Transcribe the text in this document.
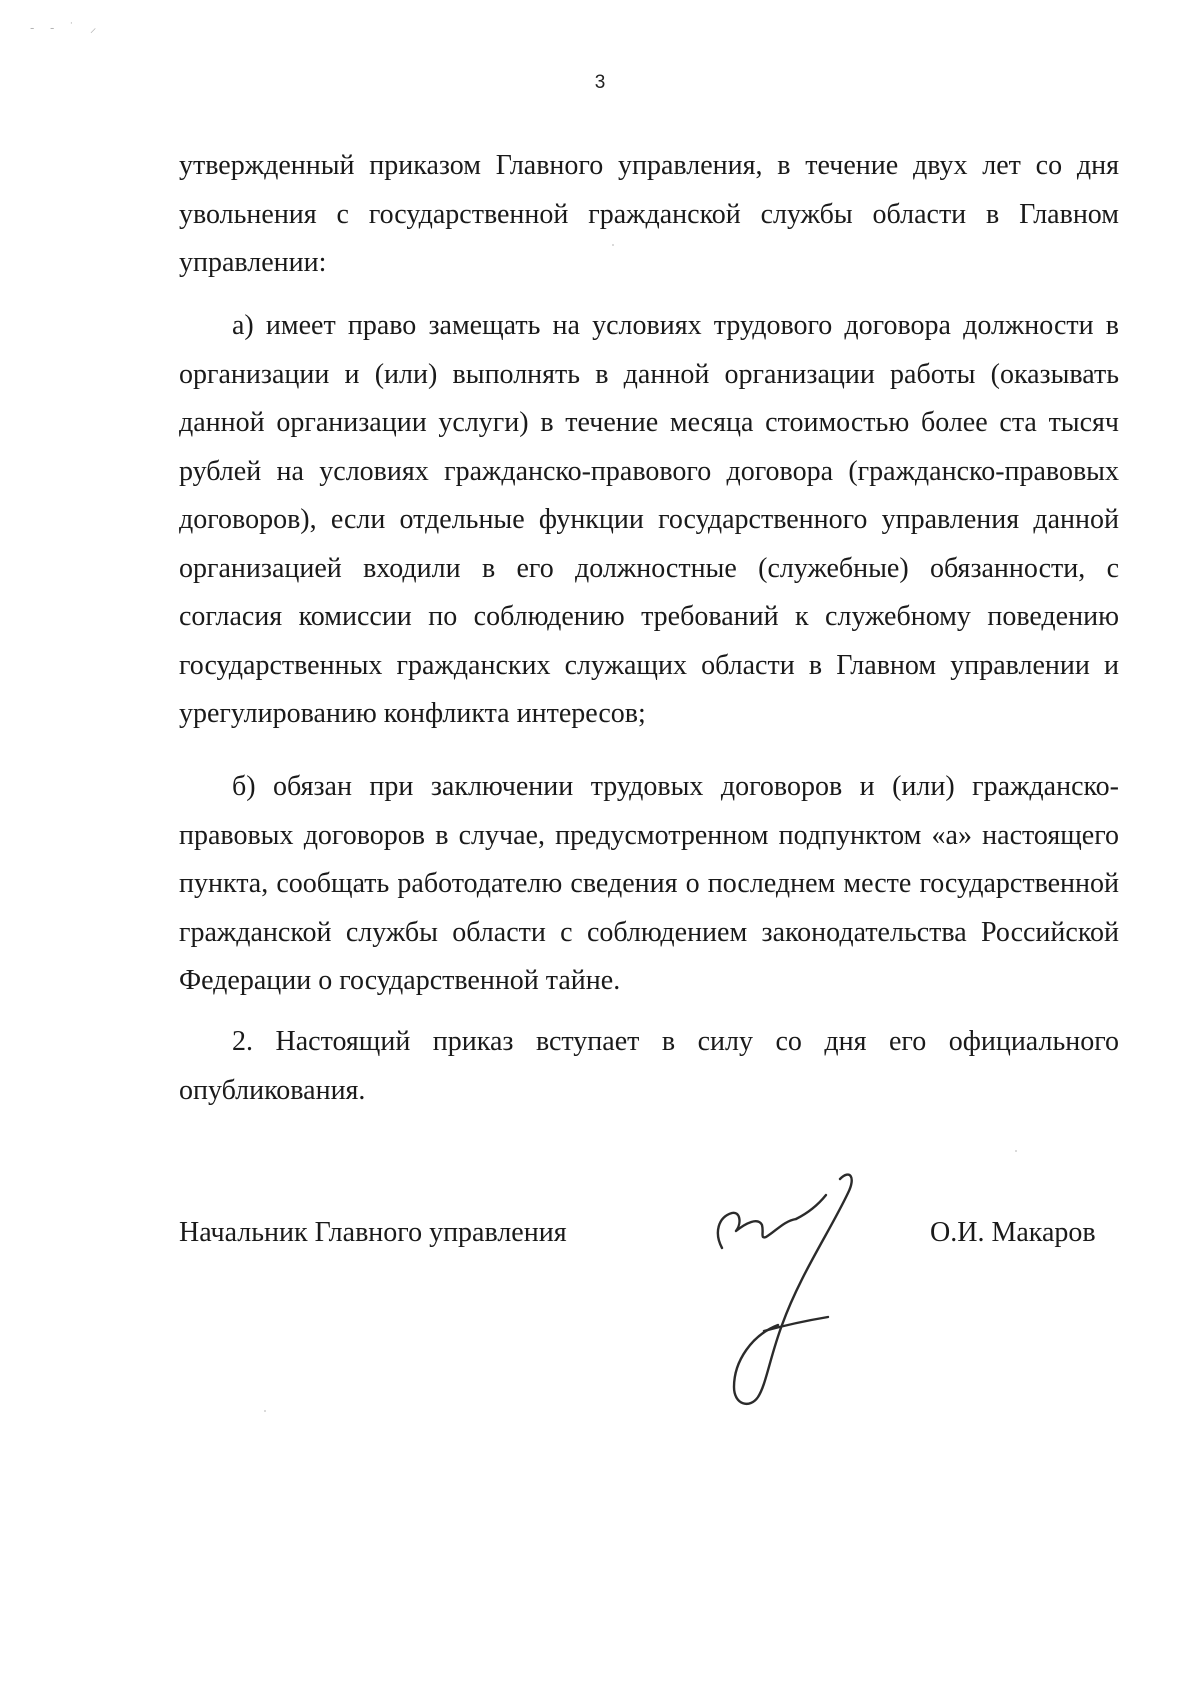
‐ ‐ ˙ ⸝
3

утвержденный приказом Главного управления, в течение двух лет со дня увольнения с государственной гражданской службы области в Главном управлении:

а) имеет право замещать на условиях трудового договора должности в организации и (или) выполнять в данной организации работы (оказывать данной организации услуги) в течение месяца стоимостью более ста тысяч рублей на условиях гражданско-правового договора (гражданско-правовых договоров), если отдельные функции государственного управления данной организацией входили в его должностные (служебные) обязанности, с согласия комиссии по соблюдению требований к служебному поведению государственных гражданских служащих области в Главном управлении и урегулированию конфликта интересов;

б) обязан при заключении трудовых договоров и (или) гражданско-правовых договоров в случае, предусмотренном подпунктом «а» настоящего пункта, сообщать работодателю сведения о последнем месте государственной гражданской службы области с соблюдением законодательства Российской Федерации о государственной тайне.

2. Настоящий приказ вступает в силу со дня его официального опубликования.

Начальник Главного управления	О.И. Макаров
